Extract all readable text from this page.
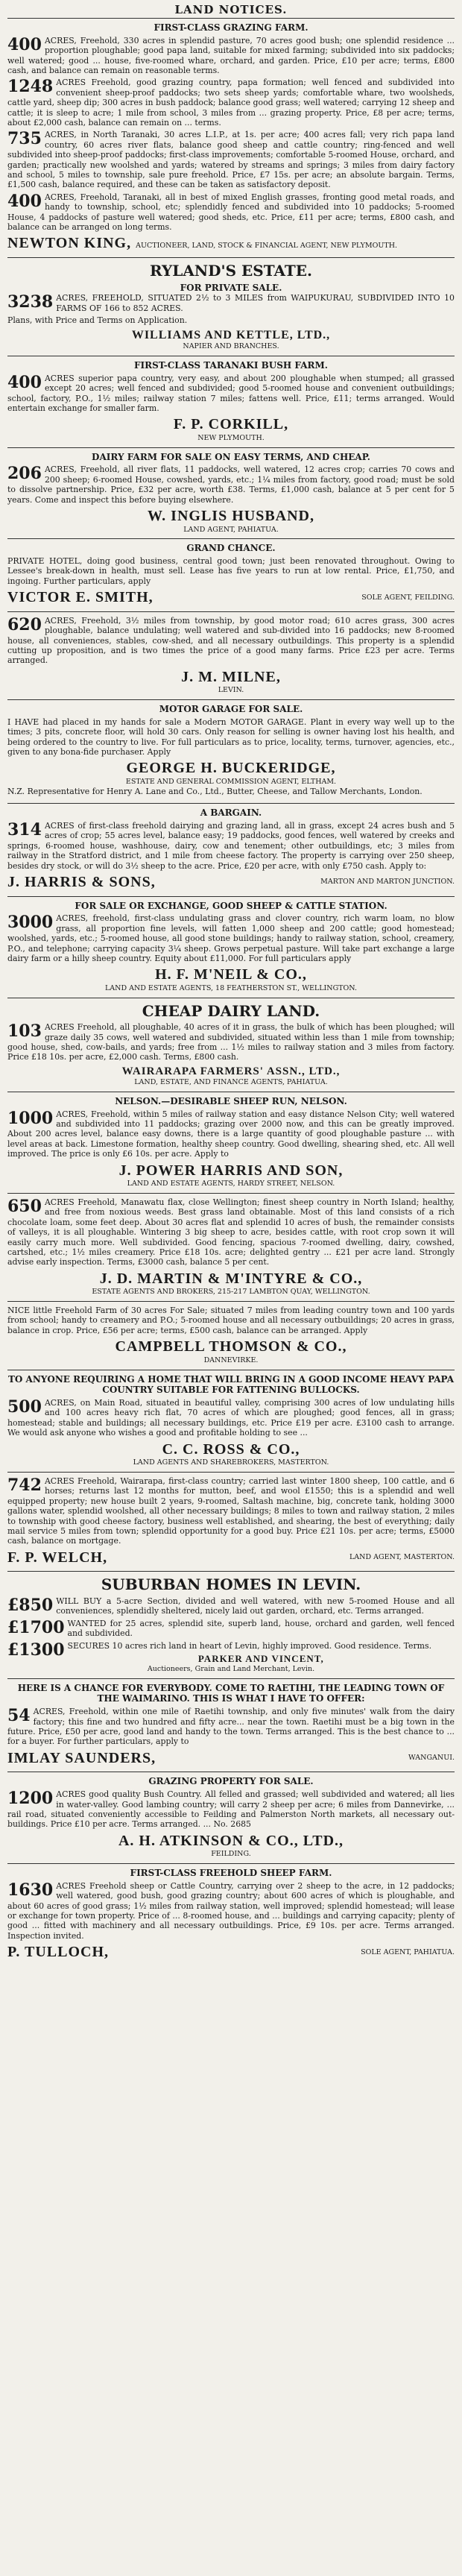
LAND NOTICES.
FIRST-CLASS GRAZING FARM.

400 ACRES, Freehold, 330 acres in splendid pasture, 70 acres good bush; one splendid residence ... proportion ploughable; good papa land, suitable for mixed farming; subdivided into six paddocks; well watered; good ... house, five-roomed whare, orchard, and garden. Price, £10 per acre; terms, £800 cash, and balance can remain on reasonable terms.

1248 ACRES Freehold, good grazing country, papa formation; well fenced and subdivided into convenient sheep-proof paddocks; two sets sheep yards; comfortable whare, two woolsheds, cattle yard, sheep dip; 300 acres in bush paddock; balance good grass; well watered; carrying 12 sheep and cattle; it is sleep to acre; 1 mile from school, 3 miles from ... grazing property. Price, £8 per acre; terms, about £2,000 cash, balance can remain on ... terms.

735 ACRES, in North Taranaki, 30 acres L.I.P., at 1s. per acre; 400 acres fall; very rich papa land country, 60 acres river flats, balance good sheep and cattle country; ring-fenced and well subdivided into sheep-proof paddocks; first-class improvements; comfortable 5-roomed House, orchard, and garden; practically new woolshed and yards; watered by streams and springs; 3 miles from dairy factory and school, 5 miles to township, sale pure freehold. Price, £7 15s. per acre; an absolute bargain. Terms, £1,500 cash, balance required, and these can be taken as satisfactory deposit.

400 ACRES, Freehold, Taranaki, all in best of mixed English grasses, fronting good metal roads, and handy to township, school, etc; splendidly fenced and subdivided into 10 paddocks; 5-roomed House, 4 paddocks of pasture well watered; good sheds, etc. Price, £11 per acre; terms, £800 cash, and balance can be arranged on long terms.

NEWTON KING, AUCTIONEER, LAND, STOCK & FINANCIAL AGENT, NEW PLYMOUTH.
RYLAND'S ESTATE.
FOR PRIVATE SALE.

3238 ACRES, FREEHOLD, SITUATED 2½ to 3 MILES from WAIPUKURAU, SUBDIVIDED INTO 10 FARMS OF 166 to 852 ACRES.

Plans, with Price and Terms on Application.

WILLIAMS AND KETTLE, LTD.,
NAPIER AND BRANCHES.
FIRST-CLASS TARANAKI BUSH FARM.

400 ACRES superior papa country, very easy, and about 200 ploughable when stumped; all grassed except 20 acres; well fenced and subdivided; good 5-roomed house and convenient outbuildings; school, factory, P.O., 1½ miles; railway station 7 miles; fattens well. Price, £11; terms arranged. Would entertain exchange for smaller farm.

F. P. CORKILL,
NEW PLYMOUTH.
DAIRY FARM FOR SALE ON EASY TERMS, AND CHEAP.

206 ACRES, Freehold, all river flats, 11 paddocks, well watered, 12 acres crop; carries 70 cows and 200 sheep; 6-roomed House, cowshed, yards, etc.; 1¼ miles from factory, good road; must be sold to dissolve partnership. Price, £32 per acre, worth £38. Terms, £1,000 cash, balance at 5 per cent for 5 years. Come and inspect this before buying elsewhere.

W. INGLIS HUSBAND,
LAND AGENT, PAHIATUA.
GRAND CHANCE.

PRIVATE HOTEL, doing good business, central good town; just been renovated throughout. Owing to Lessee's break-down in health, must sell. Lease has five years to run at low rental. Price, £1,750, and ingoing. Further particulars, apply

VICTOR E. SMITH,	SOLE AGENT, FEILDING.

620 ACRES, Freehold, 3½ miles from township, by good motor road; 610 acres grass, 300 acres ploughable, balance undulating; well watered and sub-divided into 16 paddocks; new 8-roomed house, all conveniences, stables, cow-shed, and all necessary outbuildings. This property is a splendid cutting up proposition, and is two times the price of a good many farms. Price £23 per acre. Terms arranged.

J. M. MILNE,
LEVIN.
MOTOR GARAGE FOR SALE.

I HAVE had placed in my hands for sale a Modern MOTOR GARAGE. Plant in every way well up to the times; 3 pits, concrete floor, will hold 30 cars. Only reason for selling is owner having lost his health, and being ordered to the country to live. For full particulars as to price, locality, terms, turnover, agencies, etc., given to any bona-fide purchaser. Apply

GEORGE H. BUCKERIDGE,
ESTATE AND GENERAL COMMISSION AGENT, ELTHAM.

N.Z. Representative for Henry A. Lane and Co., Ltd., Butter, Cheese, and Tallow Merchants, London.

A BARGAIN.

314 ACRES of first-class freehold dairying and grazing land, all in grass, except 24 acres bush and 5 acres of crop; 55 acres level, balance easy; 19 paddocks, good fences, well watered by creeks and springs, 6-roomed house, washhouse, dairy, cow and tenement; other outbuildings, etc; 3 miles from railway in the Stratford district, and 1 mile from cheese factory. The property is carrying over 250 sheep, besides dry stock, or will do 3½ sheep to the acre. Price, £20 per acre, with only £750 cash. Apply to:

J. HARRIS & SONS,	MARTON AND MARTON JUNCTION.
FOR SALE OR EXCHANGE, GOOD SHEEP & CATTLE STATION.

3000 ACRES, freehold, first-class undulating grass and clover country, rich warm loam, no blow grass, all proportion fine levels, will fatten 1,000 sheep and 200 cattle; good homestead; woolshed, yards, etc.; 5-roomed house, all good stone buildings; handy to railway station, school, creamery, P.O., and telephone; carrying capacity 3¼ sheep. Grows perpetual pasture. Will take part exchange a large dairy farm or a hilly sheep country. Equity about £11,000. For full particulars apply

H. F. M'NEIL & CO.,
LAND AND ESTATE AGENTS, 18 FEATHERSTON ST., WELLINGTON.
CHEAP DAIRY LAND.

103 ACRES Freehold, all ploughable, 40 acres of it in grass, the bulk of which has been ploughed; will graze daily 35 cows, well watered and subdivided, situated within less than 1 mile from township; good house, shed, cow-bails, and yards; free from ... 1½ miles to railway station and 3 miles from factory. Price £18 10s. per acre, £2,000 cash. Terms, £800 cash.

WAIRARAPA FARMERS' ASSN., LTD.,
LAND, ESTATE, AND FINANCE AGENTS, PAHIATUA.
NELSON.—DESIRABLE SHEEP RUN, NELSON.

1000 ACRES, Freehold, within 5 miles of railway station and easy distance Nelson City; well watered and subdivided into 11 paddocks; grazing over 2000 now, and this can be greatly improved. About 200 acres level, balance easy downs, there is a large quantity of good ploughable pasture ... with level areas at back. Limestone formation, healthy sheep country. Good dwelling, shearing shed, etc. All well improved. The price is only £6 10s. per acre. Apply to

J. POWER HARRIS AND SON,
LAND AND ESTATE AGENTS, HARDY STREET, NELSON.

650 ACRES Freehold, Manawatu flax, close Wellington; finest sheep country in North Island; healthy, and free from noxious weeds. Best grass land obtainable. Most of this land consists of a rich chocolate loam, some feet deep. About 30 acres flat and splendid 10 acres of bush, the remainder consists of valleys, it is all ploughable. Wintering 3 big sheep to acre, besides cattle, with root crop sown it will easily carry much more. Well subdivided. Good fencing, spacious 7-roomed dwelling, dairy, cowshed, cartshed, etc.; 1½ miles creamery. Price £18 10s. acre; delighted gentry ... £21 per acre land. Strongly advise early inspection. Terms, £3000 cash, balance 5 per cent.

J. D. MARTIN & M'INTYRE & CO.,
ESTATE AGENTS AND BROKERS, 215-217 LAMBTON QUAY, WELLINGTON.

NICE little Freehold Farm of 30 acres For Sale; situated 7 miles from leading country town and 100 yards from school; handy to creamery and P.O.; 5-roomed house and all necessary outbuildings; 20 acres in grass, balance in crop. Price, £56 per acre; terms, £500 cash, balance can be arranged. Apply

CAMPBELL THOMSON & CO.,
DANNEVIRKE.
TO ANYONE REQUIRING A HOME THAT WILL BRING IN A GOOD INCOME HEAVY PAPA COUNTRY SUITABLE FOR FATTENING BULLOCKS.

500 ACRES, on Main Road, situated in beautiful valley, comprising 300 acres of low undulating hills and 100 acres heavy rich flat, 70 acres of which are ploughed; good fences, all in grass; homestead; stable and buildings; all necessary buildings, etc. Price £19 per acre. £3100 cash to arrange. We would ask anyone who wishes a good and profitable holding to see ...

C. C. ROSS & CO.,
LAND AGENTS AND SHAREBROKERS, MASTERTON.

742 ACRES Freehold, Wairarapa, first-class country; carried last winter 1800 sheep, 100 cattle, and 6 horses; returns last 12 months for mutton, beef, and wool £1550; this is a splendid and well equipped property; new house built 2 years, 9-roomed, Saltash machine, big, concrete tank, holding 3000 gallons water, splendid woolshed, all other necessary buildings; 8 miles to town and railway station, 2 miles to township with good cheese factory, business well established, and shearing, the best of everything; daily mail service 5 miles from town; splendid opportunity for a good buy. Price £21 10s. per acre; terms, £5000 cash, balance on mortgage.

F. P. WELCH,	LAND AGENT, MASTERTON.
SUBURBAN HOMES IN LEVIN.

£850 WILL BUY a 5-acre Section, divided and well watered, with new 5-roomed House and all conveniences, splendidly sheltered, nicely laid out garden, orchard, etc. Terms arranged.

£1700 WANTED for 25 acres, splendid site, superb land, house, orchard and garden, well fenced and subdivided.

£1300 SECURES 10 acres rich land in heart of Levin, highly improved. Good residence. Terms.

PARKER AND VINCENT,
Auctioneers, Grain and Land Merchant, Levin.
HERE IS A CHANCE FOR EVERYBODY. COME TO RAETIHI, THE LEADING TOWN OF THE WAIMARINO. THIS IS WHAT I HAVE TO OFFER:

54 ACRES, Freehold, within one mile of Raetihi township, and only five minutes' walk from the dairy factory; this fine and two hundred and fifty acre... near the town. Raetihi must be a big town in the future. Price, £50 per acre, good land and handy to the town. Terms arranged. This is the best chance to ... for a buyer. For further particulars, apply to

IMLAY SAUNDERS,	WANGANUI.
GRAZING PROPERTY FOR SALE.

1200 ACRES good quality Bush Country. All felled and grassed; well subdivided and watered; all lies in water-valley. Good lambing country; will carry 2 sheep per acre; 6 miles from Dannevirke, ... rail road, situated conveniently accessible to Feilding and Palmerston North markets, all necessary out-buildings. Price £10 per acre. Terms arranged. ... No. 2685

A. H. ATKINSON & CO., LTD.,
FEILDING.
FIRST-CLASS FREEHOLD SHEEP FARM.

1630 ACRES Freehold sheep or Cattle Country, carrying over 2 sheep to the acre, in 12 paddocks; well watered, good bush, good grazing country; about 600 acres of which is ploughable, and about 60 acres of good grass; 1½ miles from railway station, well improved; splendid homestead; will lease or exchange for town property. Price of ... 8-roomed house, and ... buildings and carrying capacity; plenty of good ... fitted with machinery and all necessary outbuildings. Price, £9 10s. per acre. Terms arranged. Inspection invited.

P. TULLOCH,	SOLE AGENT, PAHIATUA.
